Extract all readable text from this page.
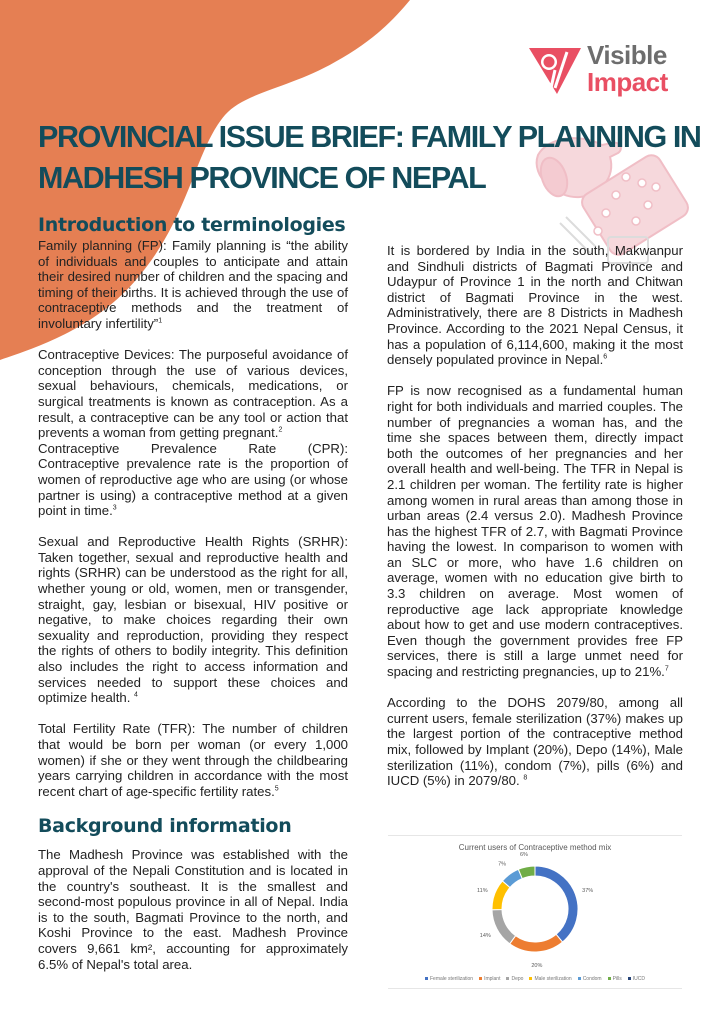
Visible
Impact
PROVINCIAL ISSUE BRIEF: FAMILY PLANNING IN
MADHESH PROVINCE OF NEPAL
Introduction to terminologies

Family planning (FP): Family planning is “the ability of individuals and couples to anticipate and attain their desired number of children and the spacing and timing of their births. It is achieved through the use of contraceptive methods and the treatment of involuntary infertility”$^1$

Contraceptive Devices: The purposeful avoidance of conception through the use of various devices, sexual behaviours, chemicals, medications, or surgical treatments is known as contraception. As a result, a contraceptive can be any tool or action that prevents a woman from getting pregnant.$^2$

Contraceptive Prevalence Rate (CPR): Contraceptive prevalence rate is the proportion of women of reproductive age who are using (or whose partner is using) a contraceptive method at a given point in time.$^3$

Sexual and Reproductive Health Rights (SRHR): Taken together, sexual and reproductive health and rights (SRHR) can be understood as the right for all, whether young or old, women, men or transgender, straight, gay, lesbian or bisexual, HIV positive or negative, to make choices regarding their own sexuality and reproduction, providing they respect the rights of others to bodily integrity. This definition also includes the right to access information and services needed to support these choices and optimize health. $^4$

Total Fertility Rate (TFR): The number of children that would be born per woman (or every 1,000 women) if she or they went through the childbearing years carrying children in accordance with the most recent chart of age-specific fertility rates.$^5$

Background information

The Madhesh Province was established with the approval of the Nepali Constitution and is located in the country's southeast. It is the smallest and second-most populous province in all of Nepal. India is to the south, Bagmati Province to the north, and Koshi Province to the east. Madhesh Province covers 9,661 km², accounting for approximately 6.5% of Nepal's total area.

It is bordered by India in the south, Makwanpur and Sindhuli districts of Bagmati Province and Udaypur of Province 1 in the north and Chitwan district of Bagmati Province in the west. Administratively, there are 8 Districts in Madhesh Province. According to the 2021 Nepal Census, it has a population of 6,114,600, making it the most densely populated province in Nepal.$^6$

FP is now recognised as a fundamental human right for both individuals and married couples. The number of pregnancies a woman has, and the time she spaces between them, directly impact both the outcomes of her pregnancies and her overall health and well-being. The TFR in Nepal is 2.1 children per woman. The fertility rate is higher among women in rural areas than among those in urban areas (2.4 versus 2.0). Madhesh Province has the highest TFR of 2.7, with Bagmati Province having the lowest. In comparison to women with an SLC or more, who have 1.6 children on average, women with no education give birth to 3.3 children on average. Most women of reproductive age lack appropriate knowledge about how to get and use modern contraceptives. Even though the government provides free FP services, there is still a large unmet need for spacing and restricting pregnancies, up to 21%.$^7$

According to the DOHS 2079/80, among all current users, female sterilization (37%) makes up the largest portion of the contraceptive method mix, followed by Implant (20%), Depo (14%), Male sterilization (11%), condom (7%), pills (6%) and IUCD (5%) in 2079/80. $^8$

Current users of Contraceptive method mix
37%
20%
14%
11%
7%
6%
Female sterilization Implant Depo Male sterilization Condom Pills IUCD
